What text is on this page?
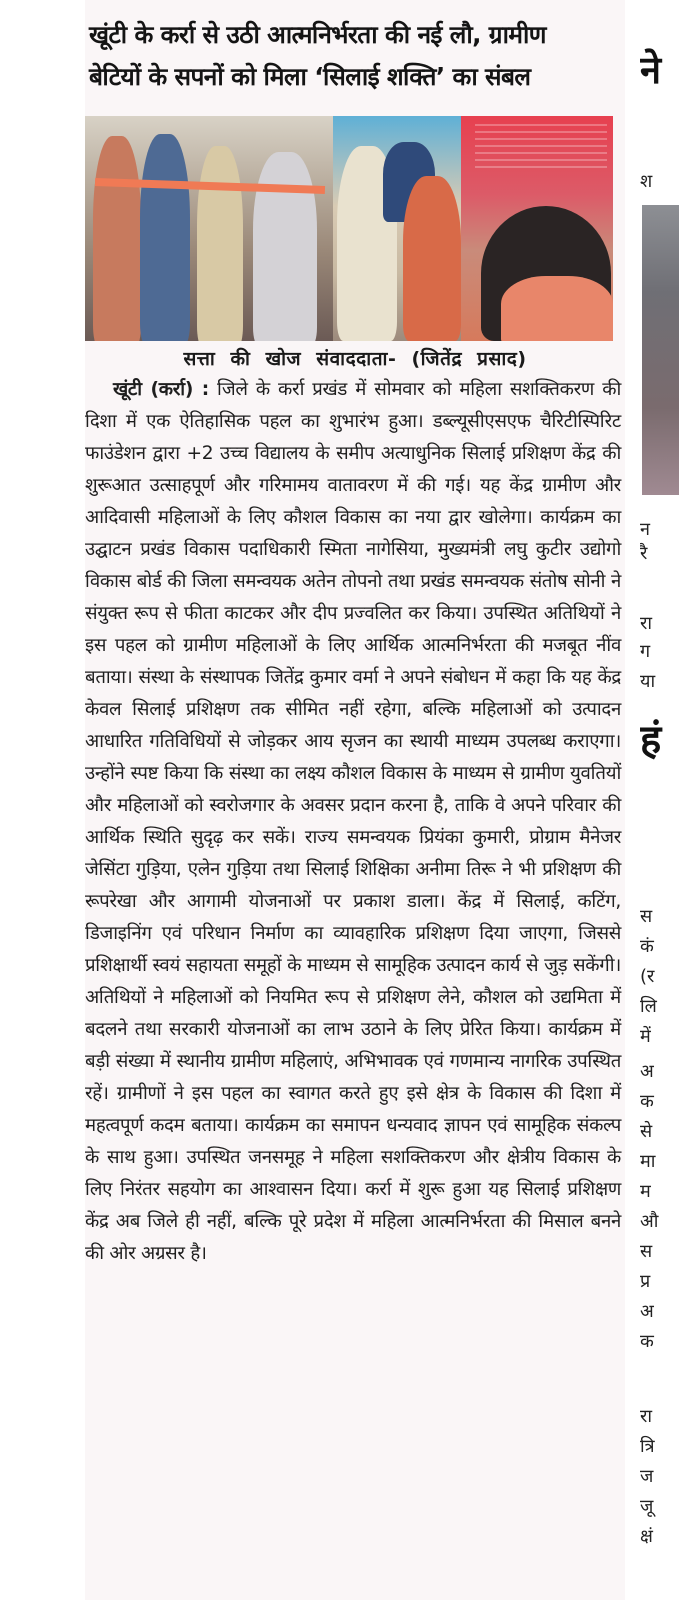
खूंटी के कर्रा से उठी आत्मनिर्भरता की नई लौ, ग्रामीण
बेटियों के सपनों को मिला ‘सिलाई शक्ति’ का संबल
सत्ता की खोज संवाददाता- (जितेंद्र प्रसाद)

खूंटी (कर्रा) : जिले के कर्रा प्रखंड में सोमवार को महिला सशक्तिकरण की दिशा में एक ऐतिहासिक पहल का शुभारंभ हुआ। डब्ल्यूसीएसएफ चैरिटीस्पिरिट फाउंडेशन द्वारा +2 उच्च विद्यालय के समीप अत्याधुनिक सिलाई प्रशिक्षण केंद्र की शुरूआत उत्साहपूर्ण और गरिमामय वातावरण में की गई। यह केंद्र ग्रामीण और आदिवासी महिलाओं के लिए कौशल विकास का नया द्वार खोलेगा। कार्यक्रम का उद्घाटन प्रखंड विकास पदाधिकारी स्मिता नागेसिया, मुख्यमंत्री लघु कुटीर उद्योगो विकास बोर्ड की जिला समन्वयक अतेन तोपनो तथा प्रखंड समन्वयक संतोष सोनी ने संयुक्त रूप से फीता काटकर और दीप प्रज्वलित कर किया। उपस्थित अतिथियों ने इस पहल को ग्रामीण महिलाओं के लिए आर्थिक आत्मनिर्भरता की मजबूत नींव बताया। संस्था के संस्थापक जितेंद्र कुमार वर्मा ने अपने संबोधन में कहा कि यह केंद्र केवल सिलाई प्रशिक्षण तक सीमित नहीं रहेगा, बल्कि महिलाओं को उत्पादन आधारित गतिविधियों से जोड़कर आय सृजन का स्थायी माध्यम उपलब्ध कराएगा। उन्होंने स्पष्ट किया कि संस्था का लक्ष्य कौशल विकास के माध्यम से ग्रामीण युवतियों और महिलाओं को स्वरोजगार के अवसर प्रदान करना है, ताकि वे अपने परिवार की आर्थिक स्थिति सुदृढ़ कर सकें। राज्य समन्वयक प्रियंका कुमारी, प्रोग्राम मैनेजर जेसिंटा गुड़िया, एलेन गुड़िया तथा सिलाई शिक्षिका अनीमा तिरू ने भी प्रशिक्षण की रूपरेखा और आगामी योजनाओं पर प्रकाश डाला। केंद्र में सिलाई, कटिंग, डिजाइनिंग एवं परिधान निर्माण का व्यावहारिक प्रशिक्षण दिया जाएगा, जिससे प्रशिक्षार्थी स्वयं सहायता समूहों के माध्यम से सामूहिक उत्पादन कार्य से जुड़ सकेंगी। अतिथियों ने महिलाओं को नियमित रूप से प्रशिक्षण लेने, कौशल को उद्यमिता में बदलने तथा सरकारी योजनाओं का लाभ उठाने के लिए प्रेरित किया। कार्यक्रम में बड़ी संख्या में स्थानीय ग्रामीण महिलाएं, अभिभावक एवं गणमान्य नागरिक उपस्थित रहें। ग्रामीणों ने इस पहल का स्वागत करते हुए इसे क्षेत्र के विकास की दिशा में महत्वपूर्ण कदम बताया। कार्यक्रम का समापन धन्यवाद ज्ञापन एवं सामूहिक संकल्प के साथ हुआ। उपस्थित जनसमूह ने महिला सशक्तिकरण और क्षेत्रीय विकास के लिए निरंतर सहयोग का आश्वासन दिया। कर्रा में शुरू हुआ यह सिलाई प्रशिक्षण केंद्र अब जिले ही नहीं, बल्कि पूरे प्रदेश में महिला आत्मनिर्भरता की मिसाल बनने की ओर अग्रसर है।

ने
श
न
रै
रा
ग
या
हं
स
कं
(र
लि
में
अ
क
से
मा
म
औ
स
प्र
अ
क
रा
त्रि
ज
जू
क्षं
